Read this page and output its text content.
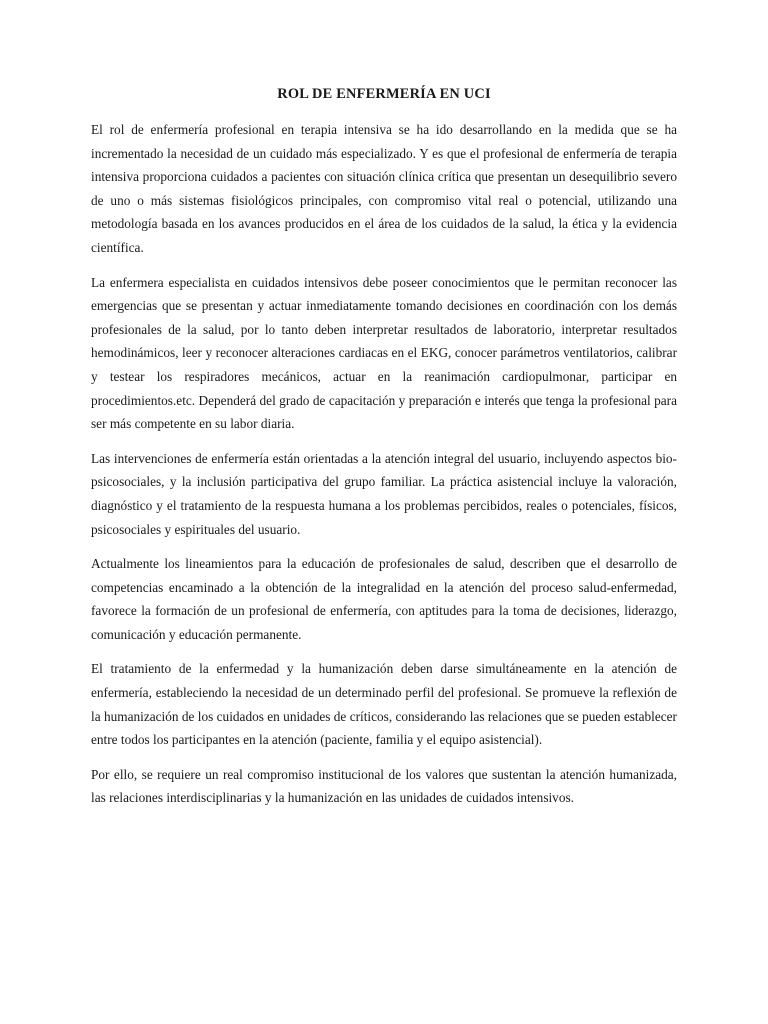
ROL DE ENFERMERÍA EN UCI

El rol de enfermería profesional en terapia intensiva se ha ido desarrollando en la medida que se ha incrementado la necesidad de un cuidado más especializado. Y es que el profesional de enfermería de terapia intensiva proporciona cuidados a pacientes con situación clínica crítica que presentan un desequilibrio severo de uno o más sistemas fisiológicos principales, con compromiso vital real o potencial, utilizando una metodología basada en los avances producidos en el área de los cuidados de la salud, la ética y la evidencia científica.

La enfermera especialista en cuidados intensivos debe poseer conocimientos que le permitan reconocer las emergencias que se presentan y actuar inmediatamente tomando decisiones en coordinación con los demás profesionales de la salud, por lo tanto deben interpretar resultados de laboratorio, interpretar resultados hemodinámicos, leer y reconocer alteraciones cardiacas en el EKG, conocer parámetros ventilatorios, calibrar y testear los respiradores mecánicos, actuar en la reanimación cardiopulmonar, participar en procedimientos.etc. Dependerá del grado de capacitación y preparación e interés que tenga la profesional para ser más competente en su labor diaria.

Las intervenciones de enfermería están orientadas a la atención integral del usuario, incluyendo aspectos bio-psicosociales, y la inclusión participativa del grupo familiar. La práctica asistencial incluye la valoración, diagnóstico y el tratamiento de la respuesta humana a los problemas percibidos, reales o potenciales, físicos, psicosociales y espirituales del usuario.

Actualmente los lineamientos para la educación de profesionales de salud, describen que el desarrollo de competencias encaminado a la obtención de la integralidad en la atención del proceso salud-enfermedad, favorece la formación de un profesional de enfermería, con aptitudes para la toma de decisiones, liderazgo, comunicación y educación permanente.

El tratamiento de la enfermedad y la humanización deben darse simultáneamente en la atención de enfermería, estableciendo la necesidad de un determinado perfil del profesional. Se promueve la reflexión de la humanización de los cuidados en unidades de críticos, considerando las relaciones que se pueden establecer entre todos los participantes en la atención (paciente, familia y el equipo asistencial).

Por ello, se requiere un real compromiso institucional de los valores que sustentan la atención humanizada, las relaciones interdisciplinarias y la humanización en las unidades de cuidados intensivos.
